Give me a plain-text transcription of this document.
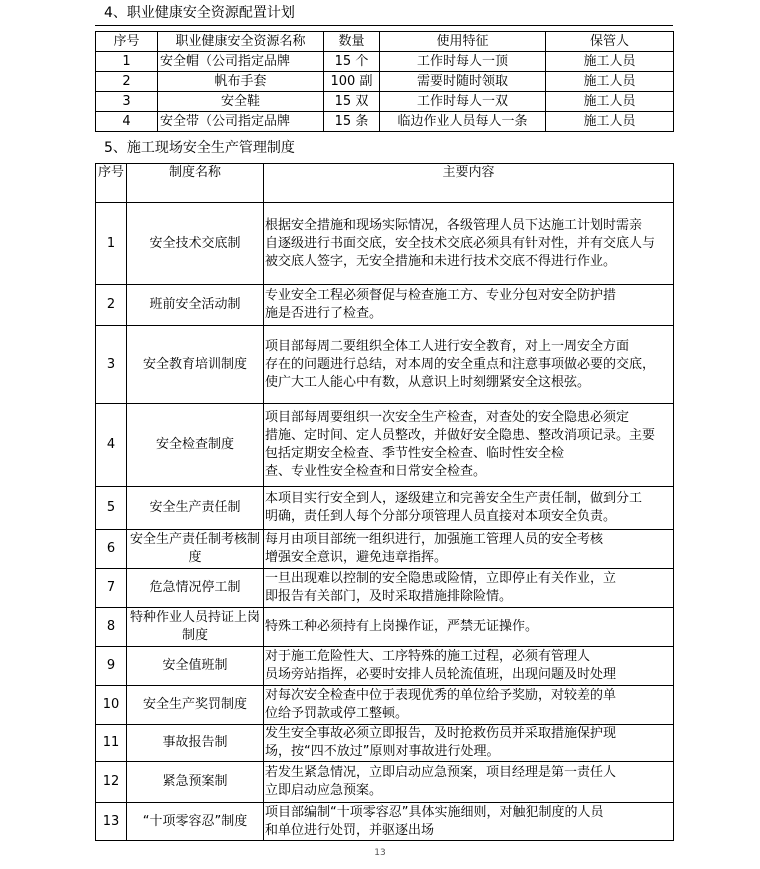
4、职业健康安全资源配置计划
序号	职业健康安全资源名称	数量	使用特征	保管人
1	安全帽（公司指定品牌	15 个	工作时每人一顶	施工人员
2	帆布手套	100 副	需要时随时领取	施工人员
3	安全鞋	15 双	工作时每人一双	施工人员
4	安全带（公司指定品牌	15 条	临边作业人员每人一条	施工人员
5、施工现场安全生产管理制度
序号	制度名称	主要内容
1	安全技术交底制	根据安全措施和现场实际情况，各级管理人员下达施工计划时需亲
自逐级进行书面交底，安全技术交底必须具有针对性，并有交底人与
被交底人签字，无安全措施和未进行技术交底不得进行作业。

2	班前安全活动制	专业安全工程必须督促与检查施工方、专业分包对安全防护措
施是否进行了检查。

3	安全教育培训制度	项目部每周二要组织全体工人进行安全教育，对上一周安全方面
存在的问题进行总结，对本周的安全重点和注意事项做必要的交底，
使广大工人能心中有数，从意识上时刻绷紧安全这根弦。

4	安全检查制度	项目部每周要组织一次安全生产检查，对查处的安全隐患必须定
措施、定时间、定人员整改，并做好安全隐患、整改消项记录。主要
包括定期安全检查、季节性安全检查、临时性安全检
查、专业性安全检查和日常安全检查。

5	安全生产责任制	本项目实行安全到人，逐级建立和完善安全生产责任制，做到分工
明确，责任到人每个分部分项管理人员直接对本项安全负责。

6	安全生产责任制考核制度	每月由项目部统一组织进行，加强施工管理人员的安全考核
增强安全意识，避免违章指挥。

7	危急情况停工制	一旦出现难以控制的安全隐患或险情，立即停止有关作业，立
即报告有关部门，及时采取措施排除险情。

8	特种作业人员持证上岗制度	特殊工种必须持有上岗操作证，严禁无证操作。

9	安全值班制	对于施工危险性大、工序特殊的施工过程，必须有管理人
员场旁站指挥，必要时安排人员轮流值班，出现问题及时处理

10	安全生产奖罚制度	对每次安全检查中位于表现优秀的单位给予奖励，对较差的单
位给予罚款或停工整顿。

11	事故报告制	发生安全事故必须立即报告，及时抢救伤员并采取措施保护现
场，按“四不放过”原则对事故进行处理。

12	紧急预案制	若发生紧急情况，立即启动应急预案，项目经理是第一责任人
立即启动应急预案。

13	“十项零容忍”制度	项目部编制“十项零容忍”具体实施细则，对触犯制度的人员
和单位进行处罚，并驱逐出场
13
